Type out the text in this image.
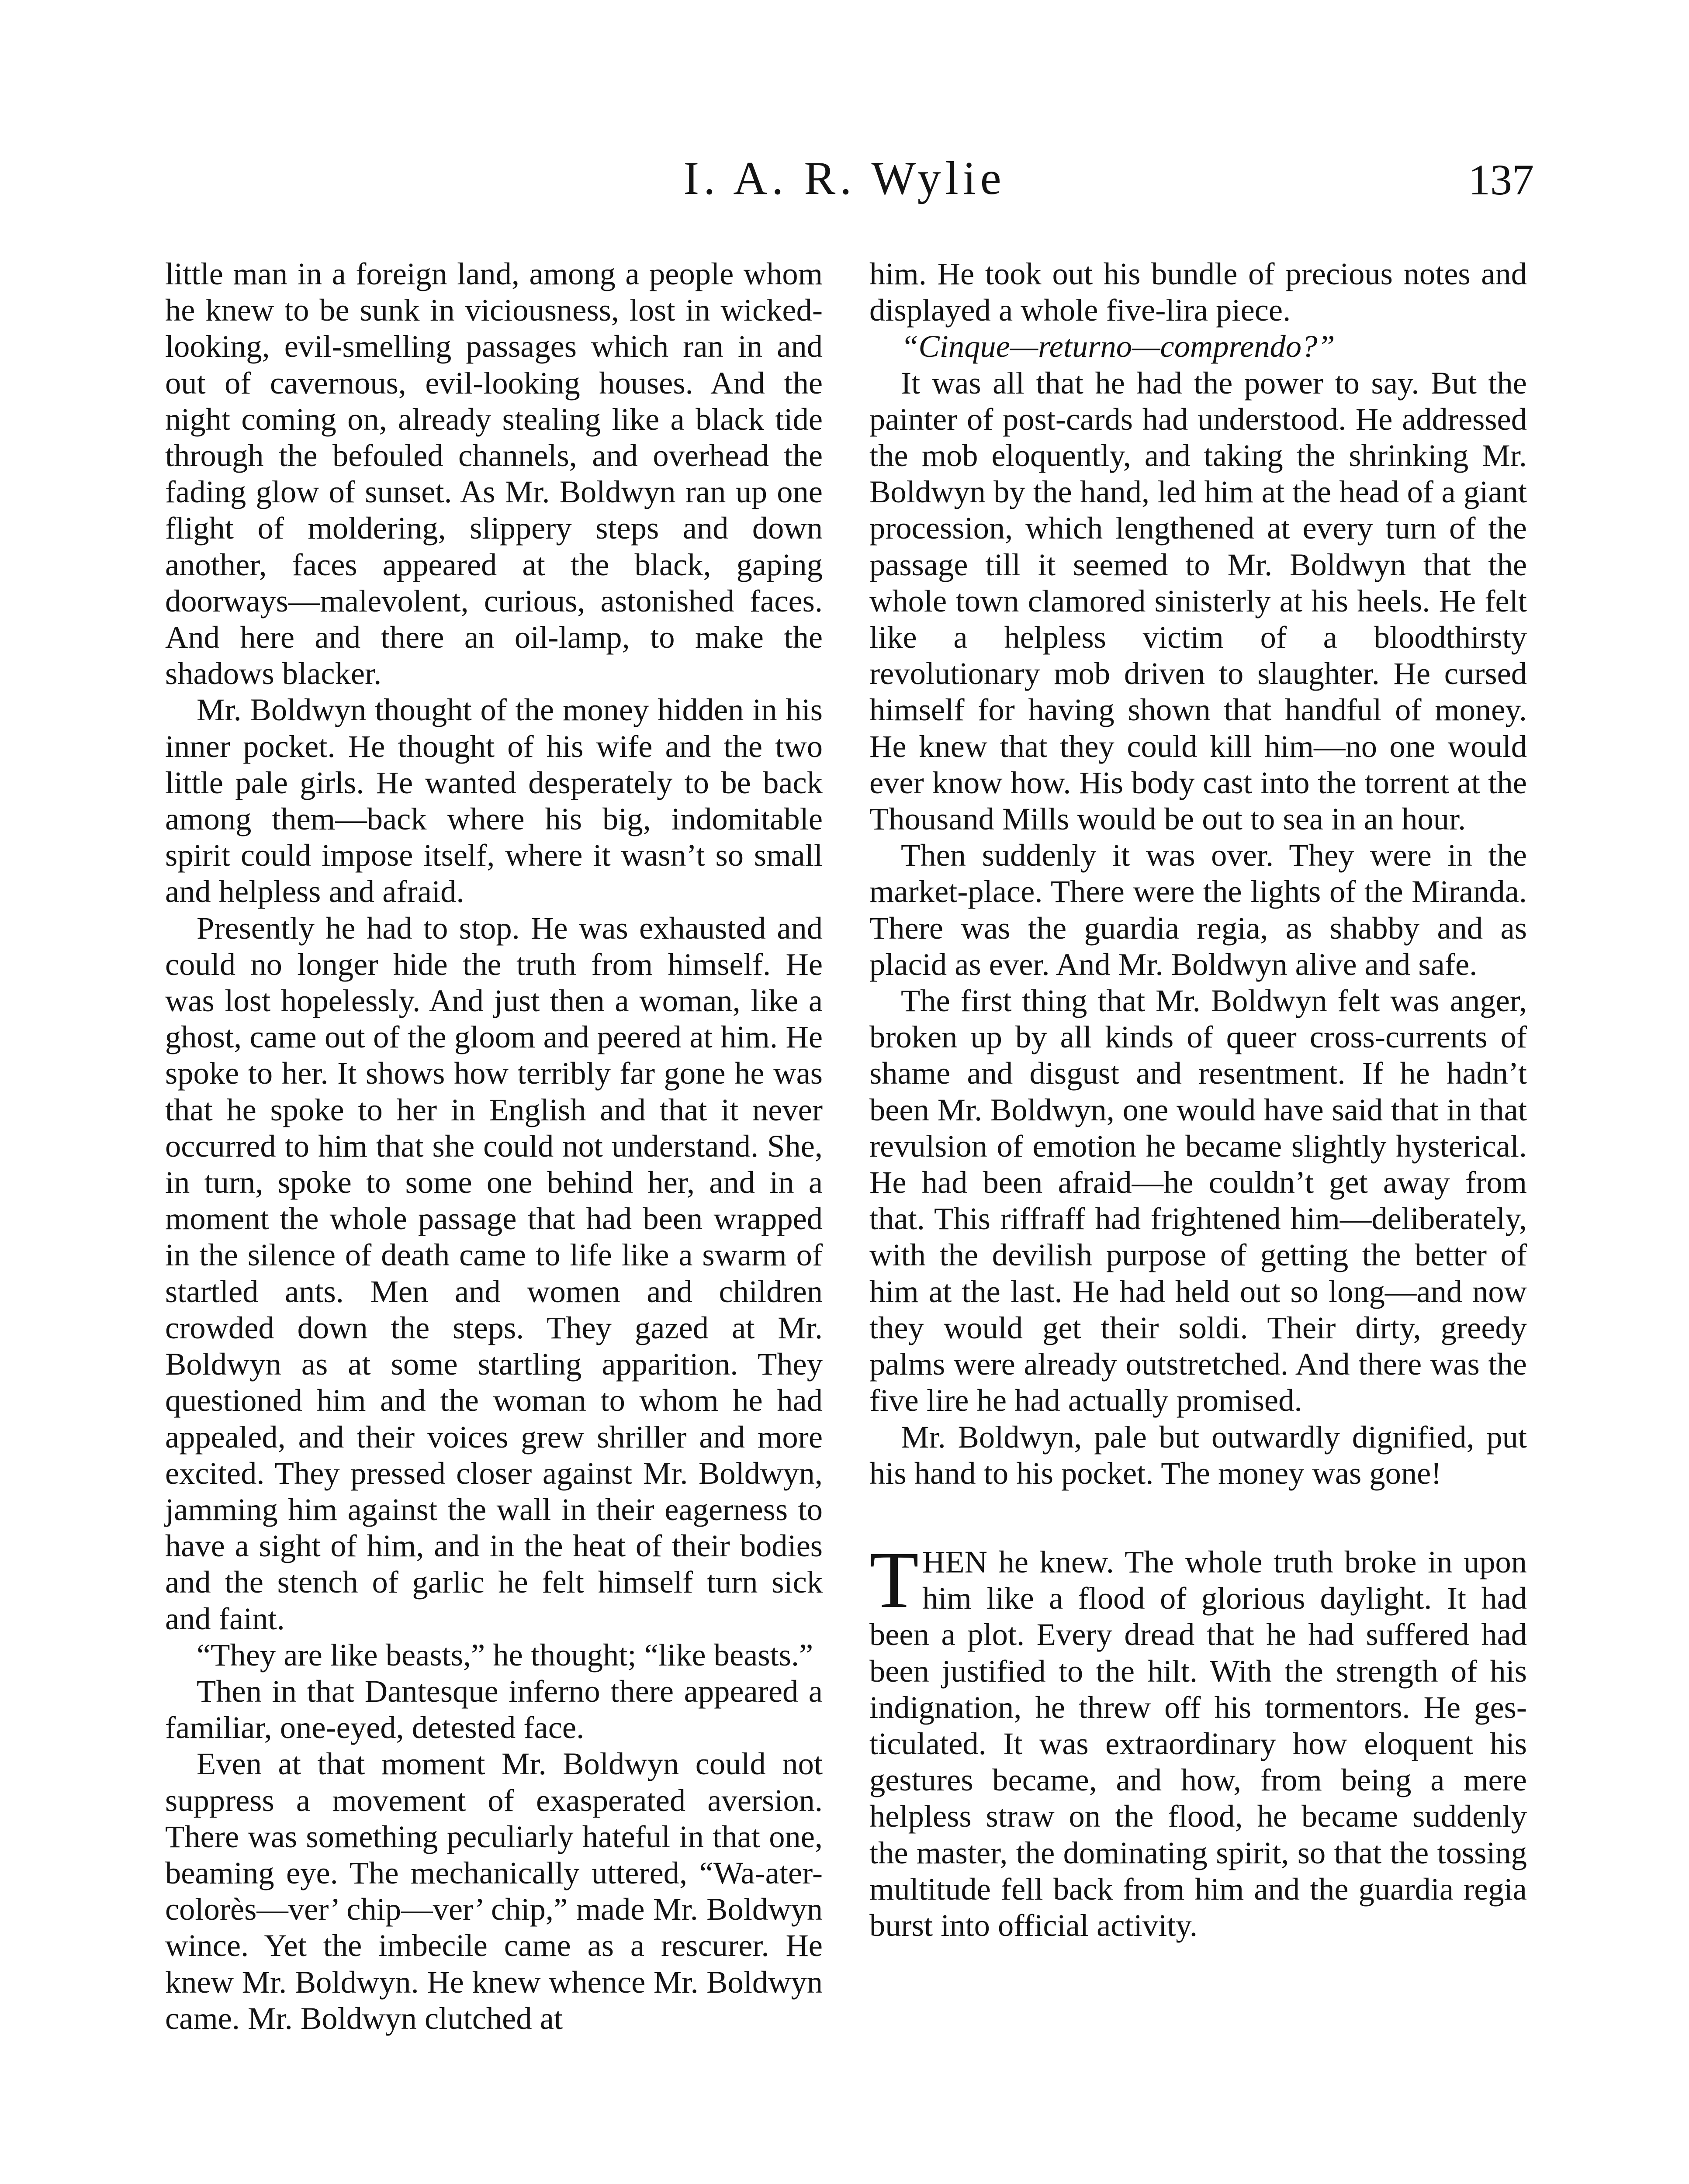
I. A. R. Wylie	137

little man in a foreign land, among a people whom he knew to be sunk in viciousness, lost in wicked-looking, evil-smelling passages which ran in and out of cavernous, evil-looking houses. And the night coming on, already stealing like a black tide through the befouled channels, and overhead the fading glow of sunset. As Mr. Boldwyn ran up one flight of moldering, slippery steps and down another, faces appeared at the black, gaping doorways—malevolent, curious, astonished faces. And here and there an oil-lamp, to make the shadows blacker.

Mr. Boldwyn thought of the money hidden in his inner pocket. He thought of his wife and the two little pale girls. He wanted desperately to be back among them—back where his big, indomitable spirit could impose itself, where it wasn’t so small and helpless and afraid.

Presently he had to stop. He was exhausted and could no longer hide the truth from himself. He was lost hopelessly. And just then a woman, like a ghost, came out of the gloom and peered at him. He spoke to her. It shows how terribly far gone he was that he spoke to her in English and that it never occurred to him that she could not understand. She, in turn, spoke to some one behind her, and in a moment the whole passage that had been wrapped in the silence of death came to life like a swarm of startled ants. Men and women and children crowded down the steps. They gazed at Mr. Boldwyn as at some startling apparition. They questioned him and the woman to whom he had appealed, and their voices grew shriller and more excited. They pressed closer against Mr. Boldwyn, jamming him against the wall in their eagerness to have a sight of him, and in the heat of their bodies and the stench of garlic he felt himself turn sick and faint.

“They are like beasts,” he thought; “like beasts.”

Then in that Dantesque inferno there appeared a familiar, one-eyed, detested face.

Even at that moment Mr. Boldwyn could not suppress a movement of exasperated aversion. There was something peculiarly hateful in that one, beaming eye. The mechanically uttered, “Wa-ater-colorès—ver’ chip—ver’ chip,” made Mr. Boldwyn wince. Yet the imbecile came as a rescurer. He knew Mr. Boldwyn. He knew whence Mr. Boldwyn came. Mr. Boldwyn clutched at

him. He took out his bundle of precious notes and displayed a whole five-lira piece.

“Cinque—returno—comprendo?”

It was all that he had the power to say. But the painter of post-cards had understood. He addressed the mob eloquently, and taking the shrinking Mr. Boldwyn by the hand, led him at the head of a giant procession, which lengthened at every turn of the passage till it seemed to Mr. Boldwyn that the whole town clamored sinisterly at his heels. He felt like a helpless victim of a bloodthirsty revolutionary mob driven to slaughter. He cursed himself for having shown that handful of money. He knew that they could kill him—no one would ever know how. His body cast into the torrent at the Thousand Mills would be out to sea in an hour.

Then suddenly it was over. They were in the market-place. There were the lights of the Miranda. There was the guardia regia, as shabby and as placid as ever. And Mr. Boldwyn alive and safe.

The first thing that Mr. Boldwyn felt was anger, broken up by all kinds of queer cross-currents of shame and disgust and resentment. If he hadn’t been Mr. Boldwyn, one would have said that in that revulsion of emotion he became slightly hysterical. He had been afraid—he couldn’t get away from that. This riffraff had frightened him—deliberately, with the devilish purpose of getting the better of him at the last. He had held out so long—and now they would get their soldi. Their dirty, greedy palms were already outstretched. And there was the five lire he had actually promised.

Mr. Boldwyn, pale but outwardly dignified, put his hand to his pocket. The money was gone!

THEN he knew. The whole truth broke in upon him like a flood of glorious daylight. It had been a plot. Every dread that he had suffered had been justified to the hilt. With the strength of his indignation, he threw off his tormentors. He gesticulated. It was extraordinary how eloquent his gestures became, and how, from being a mere helpless straw on the flood, he became suddenly the master, the dominating spirit, so that the tossing multitude fell back from him and the guardia regia burst into official activity.
